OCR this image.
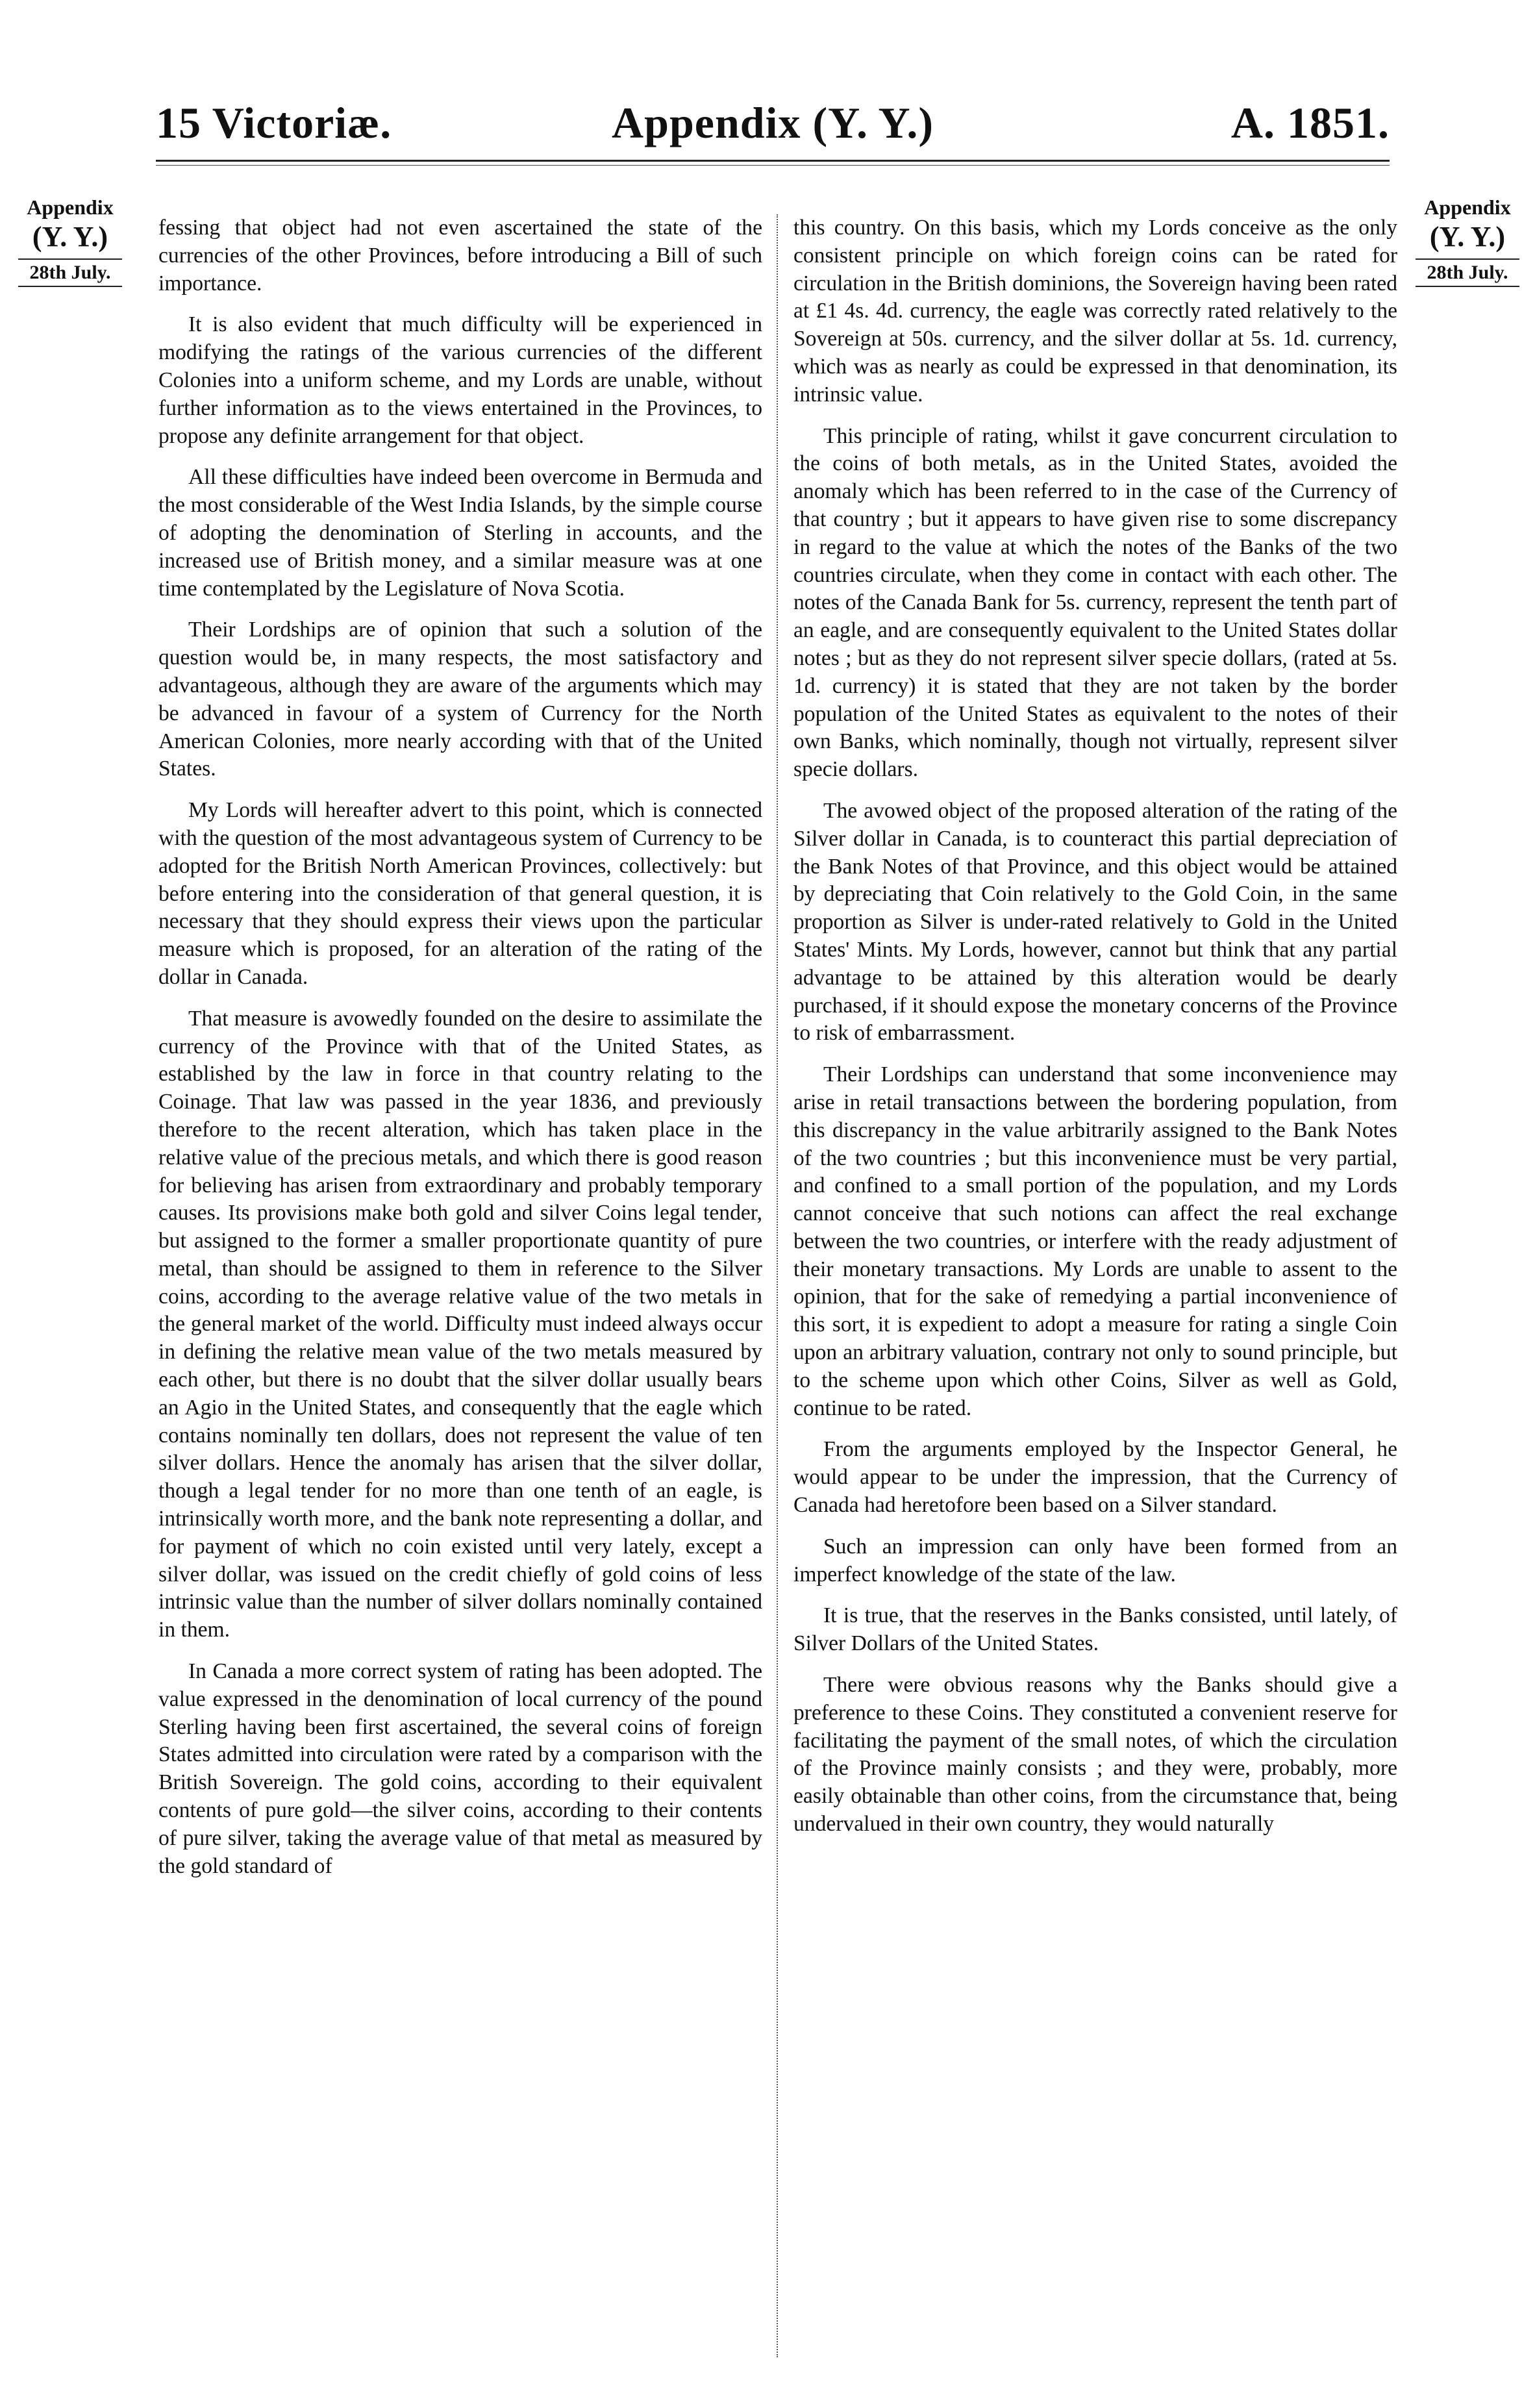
15 Victoriæ.	Appendix (Y. Y.)	A. 1851.
Appendix
(Y. Y.)
28th July.
Appendix
(Y. Y.)
28th July.

fessing that object had not even ascertained the state of the currencies of the other Provinces, before introducing a Bill of such importance.

It is also evident that much difficulty will be experienced in modifying the ratings of the various currencies of the different Colonies into a uniform scheme, and my Lords are unable, without further information as to the views entertained in the Provinces, to propose any definite arrangement for that object.

All these difficulties have indeed been overcome in Bermuda and the most considerable of the West India Islands, by the simple course of adopting the denomination of Sterling in accounts, and the increased use of British money, and a similar measure was at one time contemplated by the Legislature of Nova Scotia.

Their Lordships are of opinion that such a solution of the question would be, in many respects, the most satisfactory and advantageous, although they are aware of the arguments which may be advanced in favour of a system of Currency for the North American Colonies, more nearly according with that of the United States.

My Lords will hereafter advert to this point, which is connected with the question of the most advantageous system of Currency to be adopted for the British North American Provinces, collectively: but before entering into the consideration of that general question, it is necessary that they should express their views upon the particular measure which is proposed, for an alteration of the rating of the dollar in Canada.

That measure is avowedly founded on the desire to assimilate the currency of the Province with that of the United States, as established by the law in force in that country relating to the Coinage. That law was passed in the year 1836, and previously therefore to the recent alteration, which has taken place in the relative value of the precious metals, and which there is good reason for believing has arisen from extraordinary and probably temporary causes. Its provisions make both gold and silver Coins legal tender, but assigned to the former a smaller proportionate quantity of pure metal, than should be assigned to them in reference to the Silver coins, according to the average relative value of the two metals in the general market of the world. Difficulty must indeed always occur in defining the relative mean value of the two metals measured by each other, but there is no doubt that the silver dollar usually bears an Agio in the United States, and consequently that the eagle which contains nominally ten dollars, does not represent the value of ten silver dollars. Hence the anomaly has arisen that the silver dollar, though a legal tender for no more than one tenth of an eagle, is intrinsically worth more, and the bank note representing a dollar, and for payment of which no coin existed until very lately, except a silver dollar, was issued on the credit chiefly of gold coins of less intrinsic value than the number of silver dollars nominally contained in them.

In Canada a more correct system of rating has been adopted. The value expressed in the denomination of local currency of the pound Sterling having been first ascertained, the several coins of foreign States admitted into circulation were rated by a comparison with the British Sovereign. The gold coins, according to their equivalent contents of pure gold—the silver coins, according to their contents of pure silver, taking the average value of that metal as measured by the gold standard of

this country. On this basis, which my Lords conceive as the only consistent principle on which foreign coins can be rated for circulation in the British dominions, the Sovereign having been rated at £1 4s. 4d. currency, the eagle was correctly rated relatively to the Sovereign at 50s. currency, and the silver dollar at 5s. 1d. currency, which was as nearly as could be expressed in that denomination, its intrinsic value.

This principle of rating, whilst it gave concurrent circulation to the coins of both metals, as in the United States, avoided the anomaly which has been referred to in the case of the Currency of that country ; but it appears to have given rise to some discrepancy in regard to the value at which the notes of the Banks of the two countries circulate, when they come in contact with each other. The notes of the Canada Bank for 5s. currency, represent the tenth part of an eagle, and are consequently equivalent to the United States dollar notes ; but as they do not represent silver specie dollars, (rated at 5s. 1d. currency) it is stated that they are not taken by the border population of the United States as equivalent to the notes of their own Banks, which nominally, though not virtually, represent silver specie dollars.

The avowed object of the proposed alteration of the rating of the Silver dollar in Canada, is to counteract this partial depreciation of the Bank Notes of that Province, and this object would be attained by depreciating that Coin relatively to the Gold Coin, in the same proportion as Silver is under-rated relatively to Gold in the United States' Mints. My Lords, however, cannot but think that any partial advantage to be attained by this alteration would be dearly purchased, if it should expose the monetary concerns of the Province to risk of embarrassment.

Their Lordships can understand that some inconvenience may arise in retail transactions between the bordering population, from this discrepancy in the value arbitrarily assigned to the Bank Notes of the two countries ; but this inconvenience must be very partial, and confined to a small portion of the population, and my Lords cannot conceive that such notions can affect the real exchange between the two countries, or interfere with the ready adjustment of their monetary transactions. My Lords are unable to assent to the opinion, that for the sake of remedying a partial inconvenience of this sort, it is expedient to adopt a measure for rating a single Coin upon an arbitrary valuation, contrary not only to sound principle, but to the scheme upon which other Coins, Silver as well as Gold, continue to be rated.

From the arguments employed by the Inspector General, he would appear to be under the impression, that the Currency of Canada had heretofore been based on a Silver standard.

Such an impression can only have been formed from an imperfect knowledge of the state of the law.

It is true, that the reserves in the Banks consisted, until lately, of Silver Dollars of the United States.

There were obvious reasons why the Banks should give a preference to these Coins. They constituted a convenient reserve for facilitating the payment of the small notes, of which the circulation of the Province mainly consists ; and they were, probably, more easily obtainable than other coins, from the circumstance that, being undervalued in their own country, they would naturally
